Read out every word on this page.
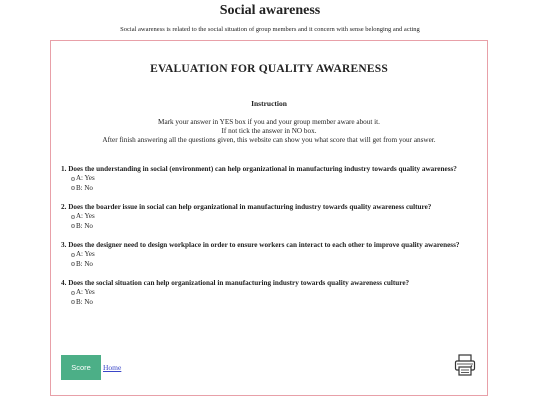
Social awareness

Social awareness is related to the social situation of group members and it concern with sense belonging and acting

EVALUATION FOR QUALITY AWARENESS
Instruction
Mark your answer in YES box if you and your group member aware about it.
If not tick the answer in NO box.
After finish answering all the questions given, this website can show you what score that will get from your answer.

1. Does the understanding in social (environment) can help organizational in manufacturing industry towards quality awareness?

A: Yes
B: No

2. Does the boarder issue in social can help organizational in manufacturing industry towards quality awareness culture?

A: Yes
B: No

3. Does the designer need to design workplace in order to ensure workers can interact to each other to improve quality awareness?

A: Yes
B: No

4. Does the social situation can help organizational in manufacturing industry towards quality awareness culture?

A: Yes
B: No
Score	Home
